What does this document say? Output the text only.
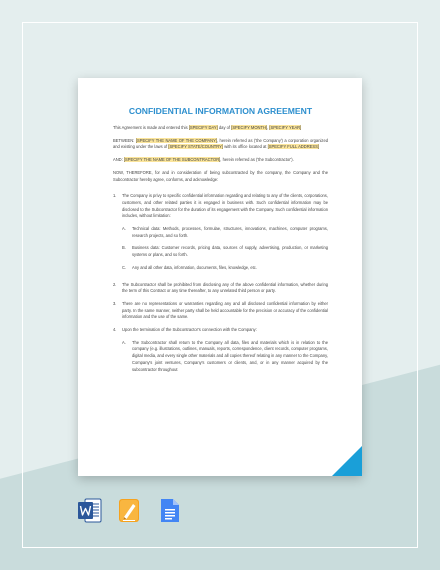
CONFIDENTIAL INFORMATION AGREEMENT

This Agreement is made and entered this [SPECIFY DAY] day of [SPECIFY MONTH], [SPECIFY YEAR]

BETWEEN: [SPECIFY THE NAME OF THE COMPANY], herein referred as ('the Company') a corporation organized and existing under the laws of [SPECIFY STATE/COUNTRY] with its office located at [SPECIFY FULL ADDRESS]

AND: [SPECIFY THE NAME OF THE SUBCONTRACTOR], herein referred as ('the Subcontractor').

NOW, THEREFORE, for and in consideration of being subcontracted by the company, the Company and the Subcontractor hereby agree, conforms, and acknowledge:

1. The Company is privy to specific confidential information regarding and relating to any of the clients, corporations, customers, and other related parties it is engaged in business with. Such confidential information may be disclosed to the Subcontractor for the duration of its engagement with the Company. Such confidential information includes, without limitation:
A. Technical data: Methods, processes, formulae, structures, innovations, machines, computer programs, research projects, and so forth.
B. Business data: Customer records, pricing data, sources of supply, advertising, production, or marketing systems or plans, and so forth.
C. Any and all other data, information, documents, files, knowledge, etc.
2. The Subcontractor shall be prohibited from disclosing any of the above confidential information, whether during the term of this Contract or any time thereafter, to any unrelated third person or party.
3. There are no representations or warranties regarding any and all disclosed confidential information by either party. In the same manner, neither party shall be held accountable for the precision or accuracy of the confidential information and the use of the same.
4. Upon the termination of the Subcontractor's connection with the Company:
A. The Subcontractor shall return to the Company all data, files and materials which is in relation to the company (e.g. illustrations, outlines, manuals, reports, correspondence, client records, computer programs, digital media, and every single other materials and all copies thereof relating in any manner to the Company, Company's joint ventures, Company's customers or clients, and, or in any manner acquired by the subcontractor throughout
